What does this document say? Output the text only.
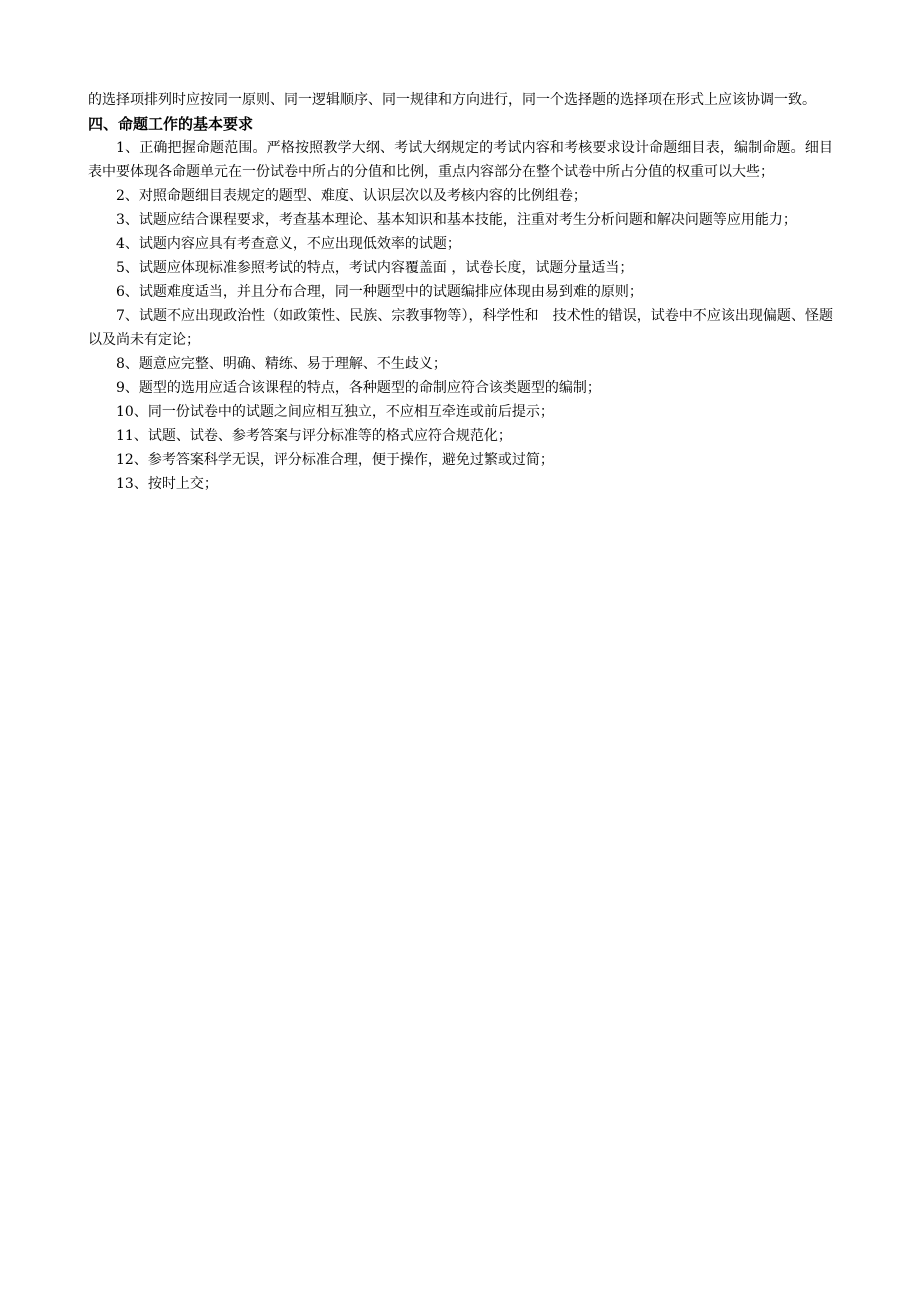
的选择项排列时应按同一原则、同一逻辑顺序、同一规律和方向进行，同一个选择题的选择项在形式上应该协调一致。

四、命题工作的基本要求

1、正确把握命题范围。严格按照教学大纲、考试大纲规定的考试内容和考核要求设计命题细目表，编制命题。细目表中要体现各命题单元在一份试卷中所占的分值和比例，重点内容部分在整个试卷中所占分值的权重可以大些；

2、对照命题细目表规定的题型、难度、认识层次以及考核内容的比例组卷；

3、试题应结合课程要求，考查基本理论、基本知识和基本技能，注重对考生分析问题和解决问题等应用能力；

4、试题内容应具有考查意义，不应出现低效率的试题；

5、试题应体现标准参照考试的特点，考试内容覆盖面 ，试卷长度，试题分量适当；

6、试题难度适当，并且分布合理，同一种题型中的试题编排应体现由易到难的原则；

7、试题不应出现政治性（如政策性、民族、宗教事物等），科学性和　技术性的错误，试卷中不应该出现偏题、怪题以及尚未有定论；

8、题意应完整、明确、精练、易于理解、不生歧义；

9、题型的选用应适合该课程的特点，各种题型的命制应符合该类题型的编制；

10、同一份试卷中的试题之间应相互独立，不应相互牵连或前后提示；

11、试题、试卷、参考答案与评分标准等的格式应符合规范化；

12、参考答案科学无误，评分标准合理，便于操作，避免过繁或过简；

13、按时上交；
